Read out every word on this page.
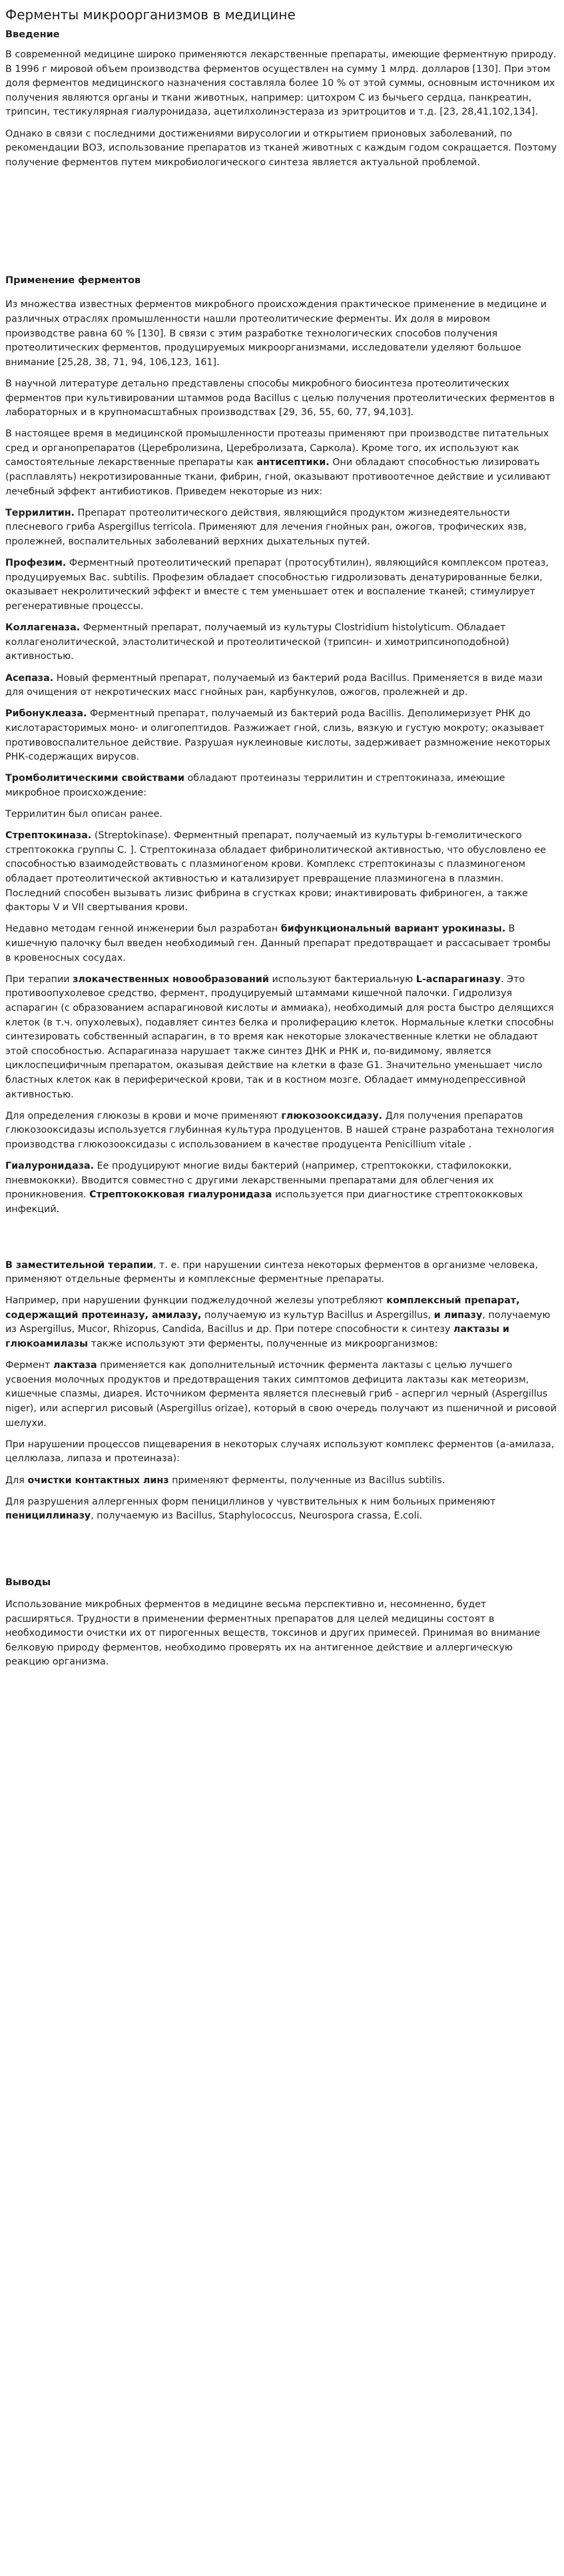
Ферменты микроорганизмов в медицине
Введение

В современной медицине широко применяются лекарственные препараты, имеющие ферментную природу. В 1996 г мировой объем производства ферментов осуществлен на сумму 1 млрд. долларов [130]. При этом доля ферментов медицинского назначения составляла более 10 % от этой суммы, основным источником их получения являются органы и ткани животных, например: цитохром С из бычьего сердца, панкреатин, трипсин, тестикулярная гиалуронидаза, ацетилхолинэстераза из эритроцитов и т.д. [23, 28,41,102,134].

Однако в связи с последними достижениями вирусологии и открытием прионовых заболеваний, по рекомендации ВОЗ, использование препаратов из тканей животных с каждым годом сокращается. Поэтому получение ферментов путем микробиологического синтеза является актуальной проблемой.

Применение ферментов

Из множества известных ферментов микробного происхождения практическое применение в медицине и различных отраслях промышленности нашли протеолитические ферменты. Их доля в мировом производстве равна 60 % [130]. В связи с этим разработке технологических способов получения протеолитических ферментов, продуцируемых микроорганизмами, исследователи уделяют большое внимание [25,28, 38, 71, 94, 106,123, 161].

В научной литературе детально представлены способы микробного биосинтеза протеолитических ферментов при культивировании штаммов рода Bacillus с целью получения протеолитических ферментов в лабораторных и в крупномасштабных производствах [29, 36, 55, 60, 77, 94,103].

В настоящее время в медицинской промышленности протеазы применяют при производстве питательных сред и органопрепаратов (Церебролизина, Церебролизата, Саркола). Кроме того, их используют как самостоятельные лекарственные препараты как антисептики. Они обладают способностью лизировать (расплавлять) некротизированные ткани, фибрин, гной, оказывают противоотечное действие и усиливают лечебный эффект антибиотиков. Приведем некоторые из них:

Террилитин. Препарат протеолитического действия, являющийся продуктом жизнедеятельности плесневого гриба Aspergillus terricola. Применяют для лечения гнойных ран, ожогов, трофических язв, пролежней, воспалительных заболеваний верхних дыхательных путей.

Профезим. Ферментный протеолитический препарат (протосубтилин), являющийся комплексом протеаз, продуцируемых Bac. subtilis. Профезим обладает способностью гидролизовать денатурированные белки, оказывает некролитический эффект и вместе с тем уменьшает отек и воспаление тканей; стимулирует регенеративные процессы.

Коллагеназа. Ферментный препарат, получаемый из культуры Clostridium histolyticum. Обладает коллагенолитической, эластолитической и протеолитической (трипсин- и химотрипсиноподобной) активностью.

Асепаза. Новый ферментный препарат, получаемый из бактерий рода Bacillus. Применяется в виде мази для очищения от некротических масс гнойных ран, карбункулов, ожогов, пролежней и др.

Рибонуклеаза. Ферментный препарат, получаемый из бактерий рода Bacillis. Деполимеризует РНК до кислотарасторимых моно- и олигопептидов. Разжижает гной, слизь, вязкую и густую мокроту; оказывает противовоспалительное действие. Разрушая нуклеиновые кислоты, задерживает размножение некоторых РНК-содержащих вирусов.

Тромболитическими свойствами обладают протеиназы террилитин и стрептокиназа, имеющие микробное происхождение:

Террилитин был описан ранее.

Стрептокиназа. (Streptokinase). Ферментный препарат, получаемый из культуры b-гемолитического стрептококка группы С. ]. Стрептокиназа обладает фибринолитической активностью, что обусловлено ее способностью взаимодействовать с плазминогеном крови. Комплекс стрептокиназы с плазминогеном обладает протеолитической активностью и катализирует превращение плазминогена в плазмин. Последний способен вызывать лизис фибрина в сгустках крови; инактивировать фибриноген, а также факторы V и VII свертывания крови.

Недавно методам генной инженерии был разработан бифункциональный вариант урокиназы. В кишечную палочку был введен необходимый ген. Данный препарат предотвращает и рассасывает тромбы в кровеносных сосудах.

При терапии злокачественных новообразований используют бактериальную L-аспарагиназу. Это противоопухолевое средство, фермент, продуцируемый штаммами кишечной палочки. Гидролизуя аспарагин (с образованием аспарагиновой кислоты и аммиака), необходимый для роста быстро делящихся клеток (в т.ч. опухолевых), подавляет синтез белка и пролиферацию клеток. Нормальные клетки способны синтезировать собственный аспарагин, в то время как некоторые злокачественные клетки не обладают этой способностью. Аспарагиназа нарушает также синтез ДНК и РНК и, по-видимому, является циклоспецифичным препаратом, оказывая действие на клетки в фазе G1. Значительно уменьшает число бластных клеток как в периферической крови, так и в костном мозге. Обладает иммунодепрессивной активностью.

Для определения глюкозы в крови и моче применяют глюкозооксидазу. Для получения препаратов глюкозооксидазы используется глубинная культура продуцентов. В нашей стране разработана технология производства глюкозооксидазы с использованием в качестве продуцента Penicillium vitale .

Гиалуронидаза. Ее продуцируют многие виды бактерий (например, стрептококки, стафилококки, пневмококки). Вводится совместно с другими лекарственными препаратами для облегчения их проникновения. Стрептококковая гиалуронидаза используется при диагностике стрептококковых инфекций.

В заместительной терапии, т. е. при нарушении синтеза некоторых ферментов в организме человека, применяют отдельные ферменты и комплексные ферментные препараты.

Например, при нарушении функции поджелудочной железы употребляют комплексный препарат, содержащий протеиназу, амилазу, получаемую из культур Bacillus и Aspergillus, и липазу, получаемую из Aspergillus, Mucor, Rhizopus, Candida, Bacillus и др. При потере способности к синтезу лактазы и глюкоамилазы также используют эти ферменты, полученные из микроорганизмов:

Фермент лактаза применяется как дополнительный источник фермента лактазы с целью лучшего усвоения молочных продуктов и предотвращения таких симптомов дефицита лактазы как метеоризм, кишечные спазмы, диарея. Источником фермента является плесневый гриб - аспергил черный (Aspergillus niger), или аспергил рисовый (Aspergillus orizae), который в свою очередь получают из пшеничной и рисовой шелухи.

При нарушении процессов пищеварения в некоторых случаях используют комплекс ферментов (а-амилаза, целлюлаза, липаза и протеиназа):

Для очистки контактных линз применяют ферменты, полученные из Bacillus subtilis.

Для разрушения аллергенных форм пенициллинов у чувствительных к ним больных применяют пенициллиназу, получаемую из Bacillus, Staphylococcus, Neurospora crassa, E.coli.

Выводы

Использование микробных ферментов в медицине весьма перспективно и, несомненно, будет расширяться. Трудности в применении ферментных препаратов для целей медицины состоят в необходимости очистки их от пирогенных веществ, токсинов и других примесей. Принимая во внимание белковую природу ферментов, необходимо проверять их на антигенное действие и аллергическую реакцию организма.
